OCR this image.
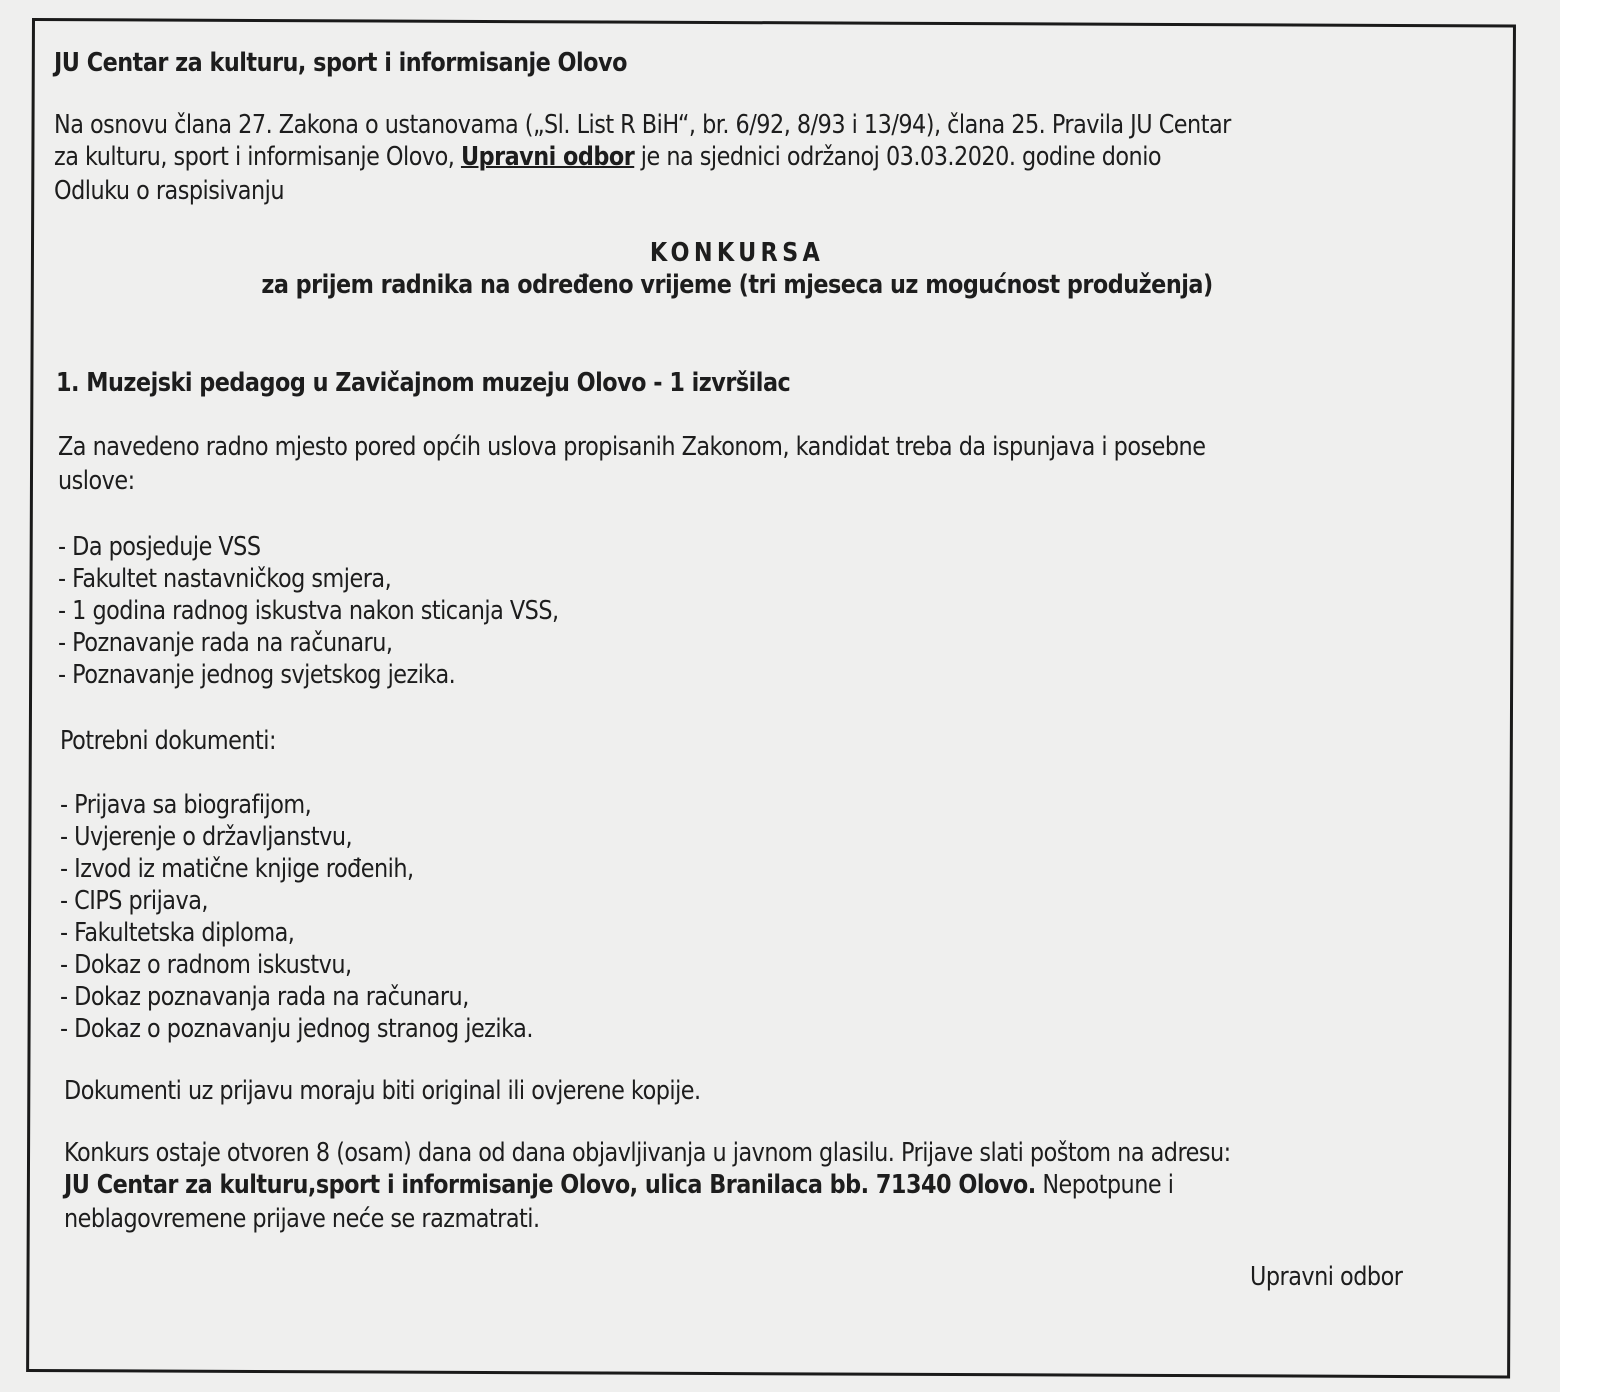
JU Centar za kulturu, sport i informisanje Olovo
Na osnovu člana 27. Zakona o ustanovama („Sl. List R BiH“, br. 6/92, 8/93 i 13/94), člana 25. Pravila JU Centar
za kulturu, sport i informisanje Olovo, Upravni odbor je na sjednici održanoj 03.03.2020. godine donio
Odluku o raspisivanju
KONKURSA
za prijem radnika na određeno vrijeme (tri mjeseca uz mogućnost produženja)
1. Muzejski pedagog u Zavičajnom muzeju Olovo - 1 izvršilac
Za navedeno radno mjesto pored općih uslova propisanih Zakonom, kandidat treba da ispunjava i posebne
uslove:
- Da posjeduje VSS
- Fakultet nastavničkog smjera,
- 1 godina radnog iskustva nakon sticanja VSS,
- Poznavanje rada na računaru,
- Poznavanje jednog svjetskog jezika.
Potrebni dokumenti:
- Prijava sa biografijom,
- Uvjerenje o državljanstvu,
- Izvod iz matične knjige rođenih,
- CIPS prijava,
- Fakultetska diploma,
- Dokaz o radnom iskustvu,
- Dokaz poznavanja rada na računaru,
- Dokaz o poznavanju jednog stranog jezika.
Dokumenti uz prijavu moraju biti original ili ovjerene kopije.
Konkurs ostaje otvoren 8 (osam) dana od dana objavljivanja u javnom glasilu. Prijave slati poštom na adresu:
JU Centar za kulturu,sport i informisanje Olovo, ulica Branilaca bb. 71340 Olovo. Nepotpune i
neblagovremene prijave neće se razmatrati.
Upravni odbor
